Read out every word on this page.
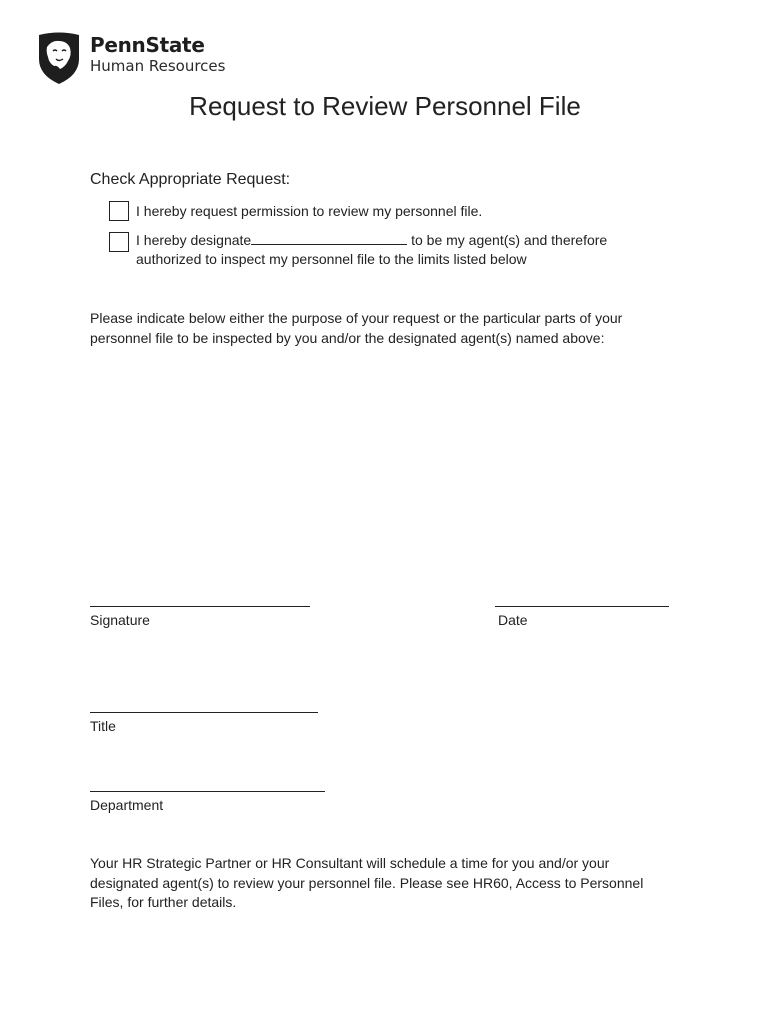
PennState
Human Resources
Request to Review Personnel File
Check Appropriate Request:
I hereby request permission to review my personnel file.
I hereby designate	to be my agent(s) and therefore
authorized to inspect my personnel file to the limits listed below
Please indicate below either the purpose of your request or the particular parts of your personnel file to be inspected by you and/or the designated agent(s) named above:
Signature	Date
Title
Department
Your HR Strategic Partner or HR Consultant will schedule a time for you and/or your designated agent(s) to review your personnel file. Please see HR60, Access to Personnel Files, for further details.
